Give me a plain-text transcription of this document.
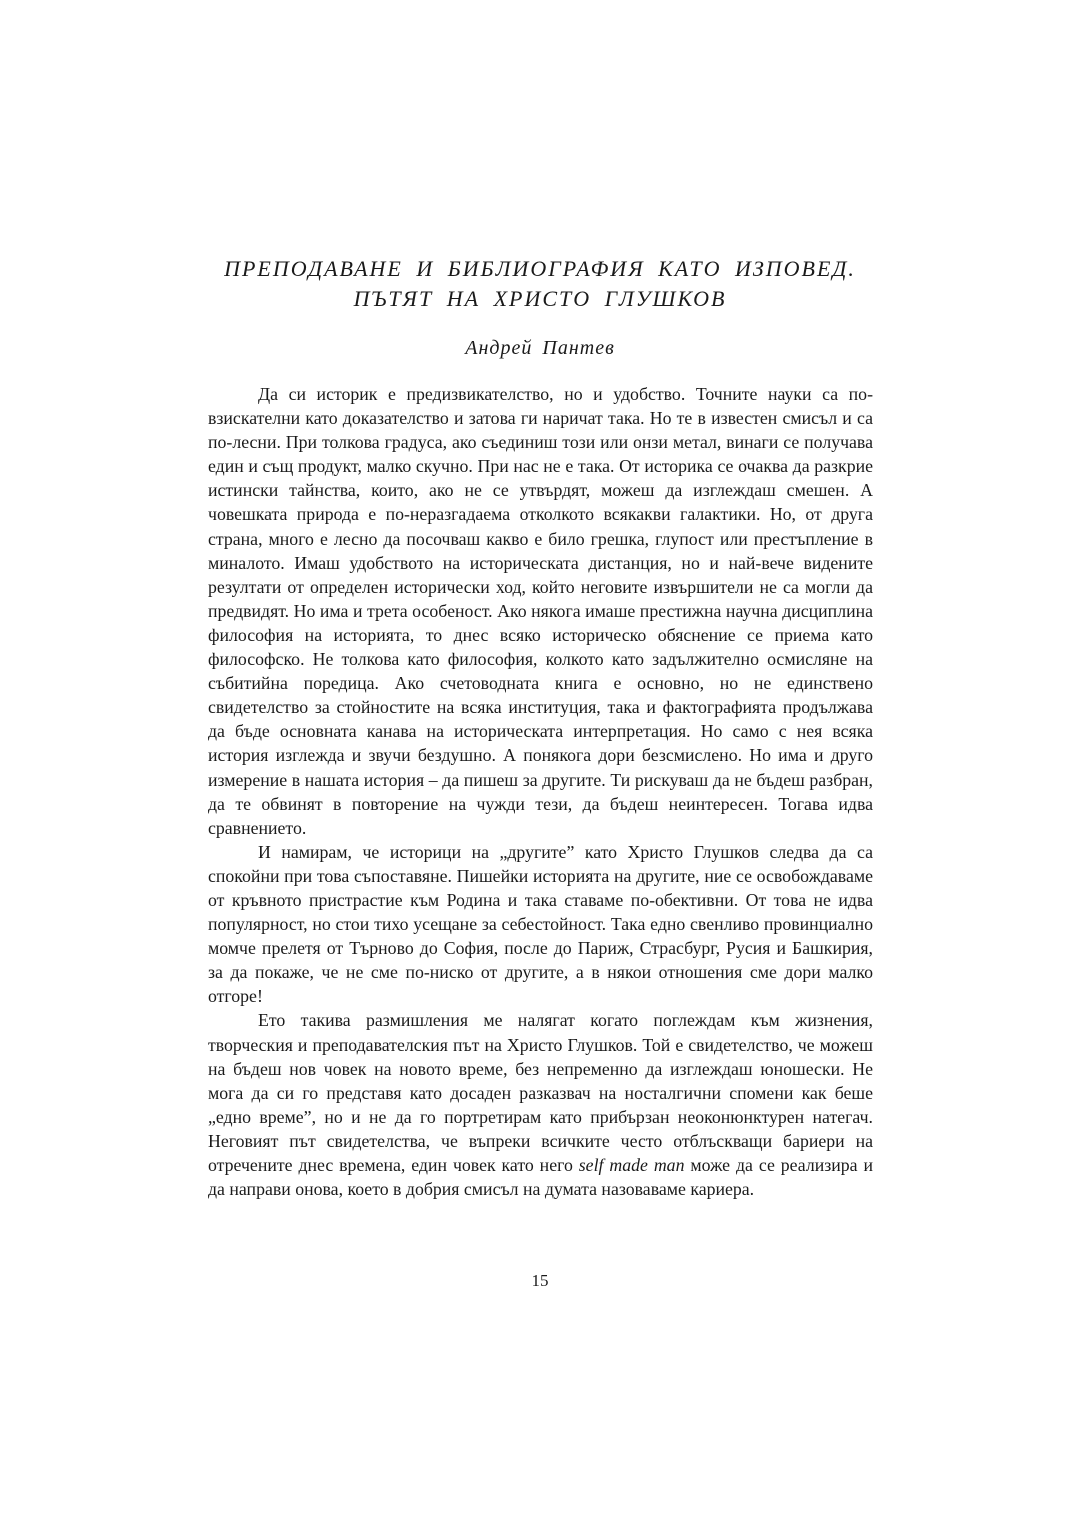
ПРЕПОДАВАНЕ И БИБЛИОГРАФИЯ КАТО ИЗПОВЕД.
ПЪТЯТ НА ХРИСТО ГЛУШКОВ

Андрей Пантев

Да си историк е предизвикателство, но и удобство. Точните науки са по-взискателни като доказателство и затова ги наричат така. Но те в известен смисъл и са по-лесни. При толкова градуса, ако съединиш този или онзи метал, винаги се получава един и същ продукт, малко скучно. При нас не е така. От историка се очаква да разкрие истински тайнства, които, ако не се утвърдят, можеш да изглеждаш смешен. А човешката природа е по-неразгадаема отколкото всякакви галактики. Но, от друга страна, много е лесно да посочваш какво е било грешка, глупост или престъпление в миналото. Имаш удобството на историческата дистанция, но и най-вече видените резултати от определен исторически ход, който неговите извършители не са могли да предвидят. Но има и трета особеност. Ако някога имаше престижна научна дисциплина философия на историята, то днес всяко историческо обяснение се приема като философско. Не толкова като философия, колкото като задължително осмисляне на събитийна поредица. Ако счетоводната книга е основно, но не единствено свидетелство за стойностите на всяка институция, така и фактографията продължава да бъде основната канава на историческата интерпретация. Но само с нея всяка история изглежда и звучи бездушно. А понякога дори безсмислено. Но има и друго измерение в нашата история – да пишеш за другите. Ти рискуваш да не бъдеш разбран, да те обвинят в повторение на чужди тези, да бъдеш неинтересен. Тогава идва сравнението.

И намирам, че историци на „другите” като Христо Глушков следва да са спокойни при това съпоставяне. Пишейки историята на другите, ние се освобождаваме от кръвното пристрастие към Родина и така ставаме по-обективни. От това не идва популярност, но стои тихо усещане за себестойност. Така едно свенливо провинциално момче прелетя от Търново до София, после до Париж, Страсбург, Русия и Башкирия, за да покаже, че не сме по-ниско от другите, а в някои отношения сме дори малко отгоре!

Ето такива размишления ме налягат когато поглеждам към жизнения, творческия и преподавателския път на Христо Глушков. Той е свидетелство, че можеш на бъдеш нов човек на новото време, без непременно да изглеждаш юношески. Не мога да си го представя като досаден разказвач на носталгични спомени как беше „едно време”, но и не да го портретирам като прибързан неоконюнктурен натегач. Неговият път свидетелства, че въпреки всичките често отблъскващи бариери на отречените днес времена, един човек като него self made man може да се реализира и да направи онова, което в добрия смисъл на думата назоваваме кариера.

15
